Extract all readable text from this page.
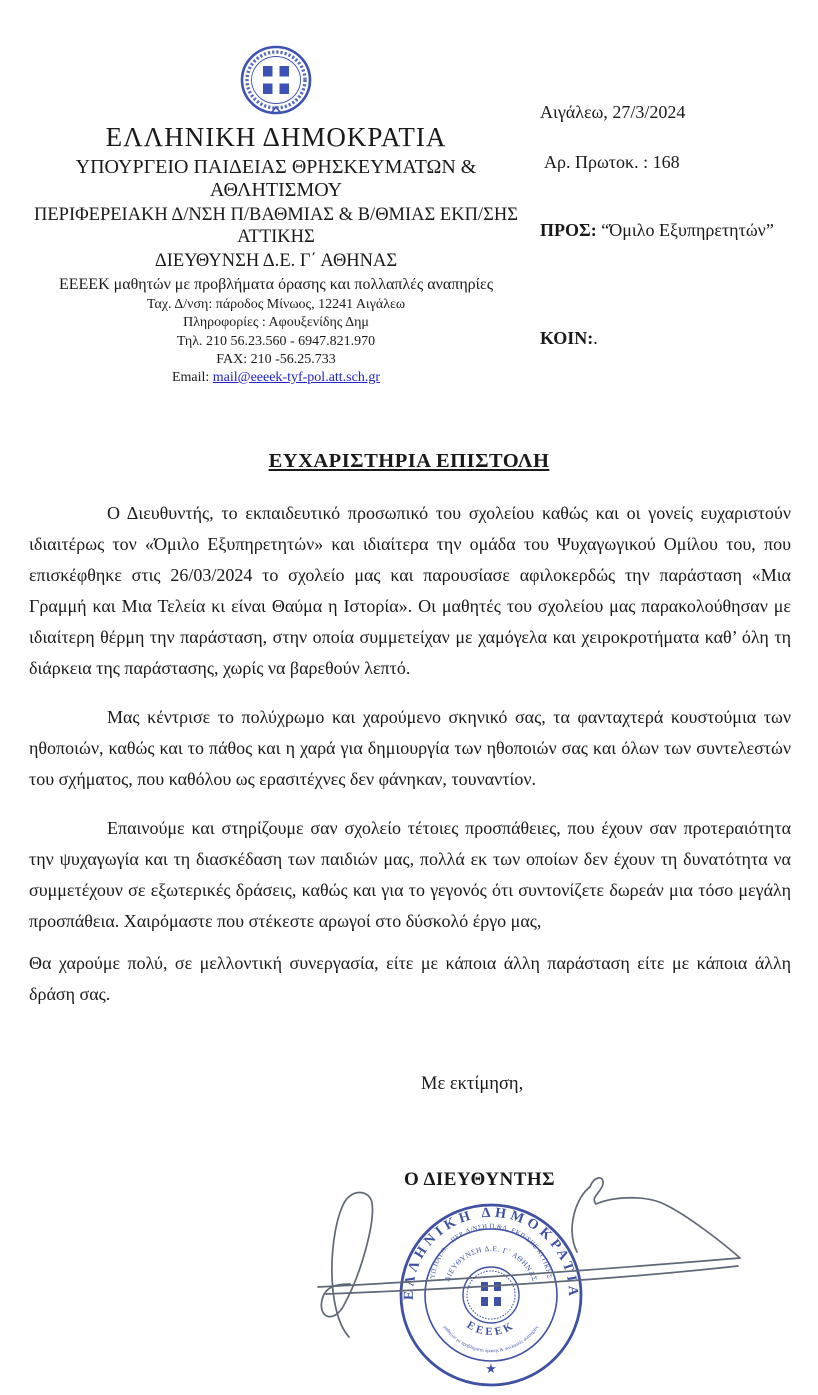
ΕΛΛΗΝΙΚΗ ΔΗΜΟΚΡΑΤΙΑ
ΥΠΟΥΡΓΕΙΟ ΠΑΙΔΕΙΑΣ ΘΡΗΣΚΕΥΜΑΤΩΝ & ΑΘΛΗΤΙΣΜΟΥ
ΠΕΡΙΦΕΡΕΙΑΚΗ Δ/ΝΣΗ Π/ΒΑΘΜΙΑΣ & Β/ΘΜΙΑΣ ΕΚΠ/ΣΗΣ ΑΤΤΙΚΗΣ
ΔΙΕΥΘΥΝΣΗ Δ.Ε. Γ΄ ΑΘΗΝΑΣ
ΕΕΕΕΚ μαθητών με προβλήματα όρασης και πολλαπλές αναπηρίες
Ταχ. Δ/νση: πάροδος Μίνωος, 12241 Αιγάλεω
Πληροφορίες : Αφουξενίδης Δημ
Τηλ. 210 56.23.560 - 6947.821.970
FAX: 210 -56.25.733
Email: mail@eeeek-tyf-pol.att.sch.gr
Αιγάλεω, 27/3/2024
Αρ. Πρωτοκ. : 168
ΠΡΟΣ: “Όμιλο Εξυπηρετητών”
ΚΟΙΝ:.
ΕΥΧΑΡΙΣΤΗΡΙΑ ΕΠΙΣΤΟΛΗ

Ο Διευθυντής, το εκπαιδευτικό προσωπικό του σχολείου καθώς και οι γονείς ευχαριστούν ιδιαιτέρως τον «Όμιλο Εξυπηρετητών» και ιδιαίτερα την ομάδα του Ψυχαγωγικού Ομίλου του, που επισκέφθηκε στις 26/03/2024 το σχολείο μας και παρουσίασε αφιλοκερδώς την παράσταση «Μια Γραμμή και Μια Τελεία κι είναι Θαύμα η Ιστορία». Οι μαθητές του σχολείου μας παρακολούθησαν με ιδιαίτερη θέρμη την παράσταση, στην οποία συμμετείχαν με χαμόγελα και χειροκροτήματα καθ’ όλη τη διάρκεια της παράστασης, χωρίς να βαρεθούν λεπτό.

Μας κέντρισε το πολύχρωμο και χαρούμενο σκηνικό σας, τα φανταχτερά κουστούμια των ηθοποιών, καθώς και το πάθος και η χαρά για δημιουργία των ηθοποιών σας και όλων των συντελεστών του σχήματος, που καθόλου ως ερασιτέχνες δεν φάνηκαν, τουναντίον.

Επαινούμε και στηρίζουμε σαν σχολείο τέτοιες προσπάθειες, που έχουν σαν προτεραιότητα την ψυχαγωγία και τη διασκέδαση των παιδιών μας, πολλά εκ των οποίων δεν έχουν τη δυνατότητα να συμμετέχουν σε εξωτερικές δράσεις, καθώς και για το γεγονός ότι συντονίζετε δωρεάν μια τόσο μεγάλη προσπάθεια. Χαιρόμαστε που στέκεστε αρωγοί στο δύσκολό έργο μας,

Θα χαρούμε πολύ, σε μελλοντική συνεργασία, είτε με κάποια άλλη παράσταση είτε με κάποια άλλη δράση σας.

Με εκτίμηση,
Ο ΔΙΕΥΘΥΝΤΗΣ
ΕΛΛΗΝΙΚΗ ΔΗΜΟΚΡΑΤΙΑ
ΥΠ.ΠΑΙ.Θ. - ΠΕΡ. Δ/ΝΣΗ Π.&Δ. ΕΚΠ/ΣΗΣ ΑΤΤΙΚΗΣ
ΔΙΕΥΘΥΝΣΗ Δ.Ε. Γ΄ ΑΘΗΝΑΣ
ΕΕΕΕΚ
μαθητών με προβλήματα όρασης & πολλαπλές αναπηρίες
★
